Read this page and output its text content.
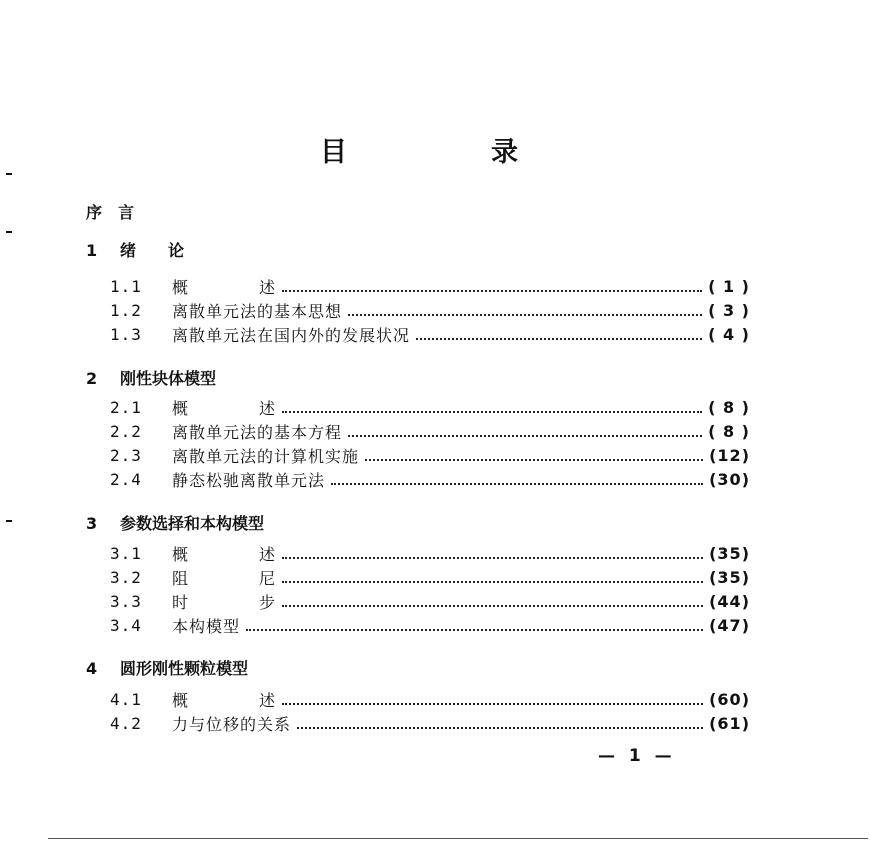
目	录
序　言
1 绪　　论
1.1	概	述	( 1 )
1.2	离散单元法的基本思想	( 3 )
1.3	离散单元法在国内外的发展状况	( 4 )
2 刚性块体模型
2.1	概	述	( 8 )
2.2	离散单元法的基本方程	( 8 )
2.3	离散单元法的计算机实施	(12)
2.4	静态松驰离散单元法	(30)
3 参数选择和本构模型
3.1	概	述	(35)
3.2	阻	尼	(35)
3.3	时	步	(44)
3.4	本构模型	(47)
4 圆形刚性颗粒模型
4.1	概	述	(60)
4.2	力与位移的关系	(61)
— 1 —
